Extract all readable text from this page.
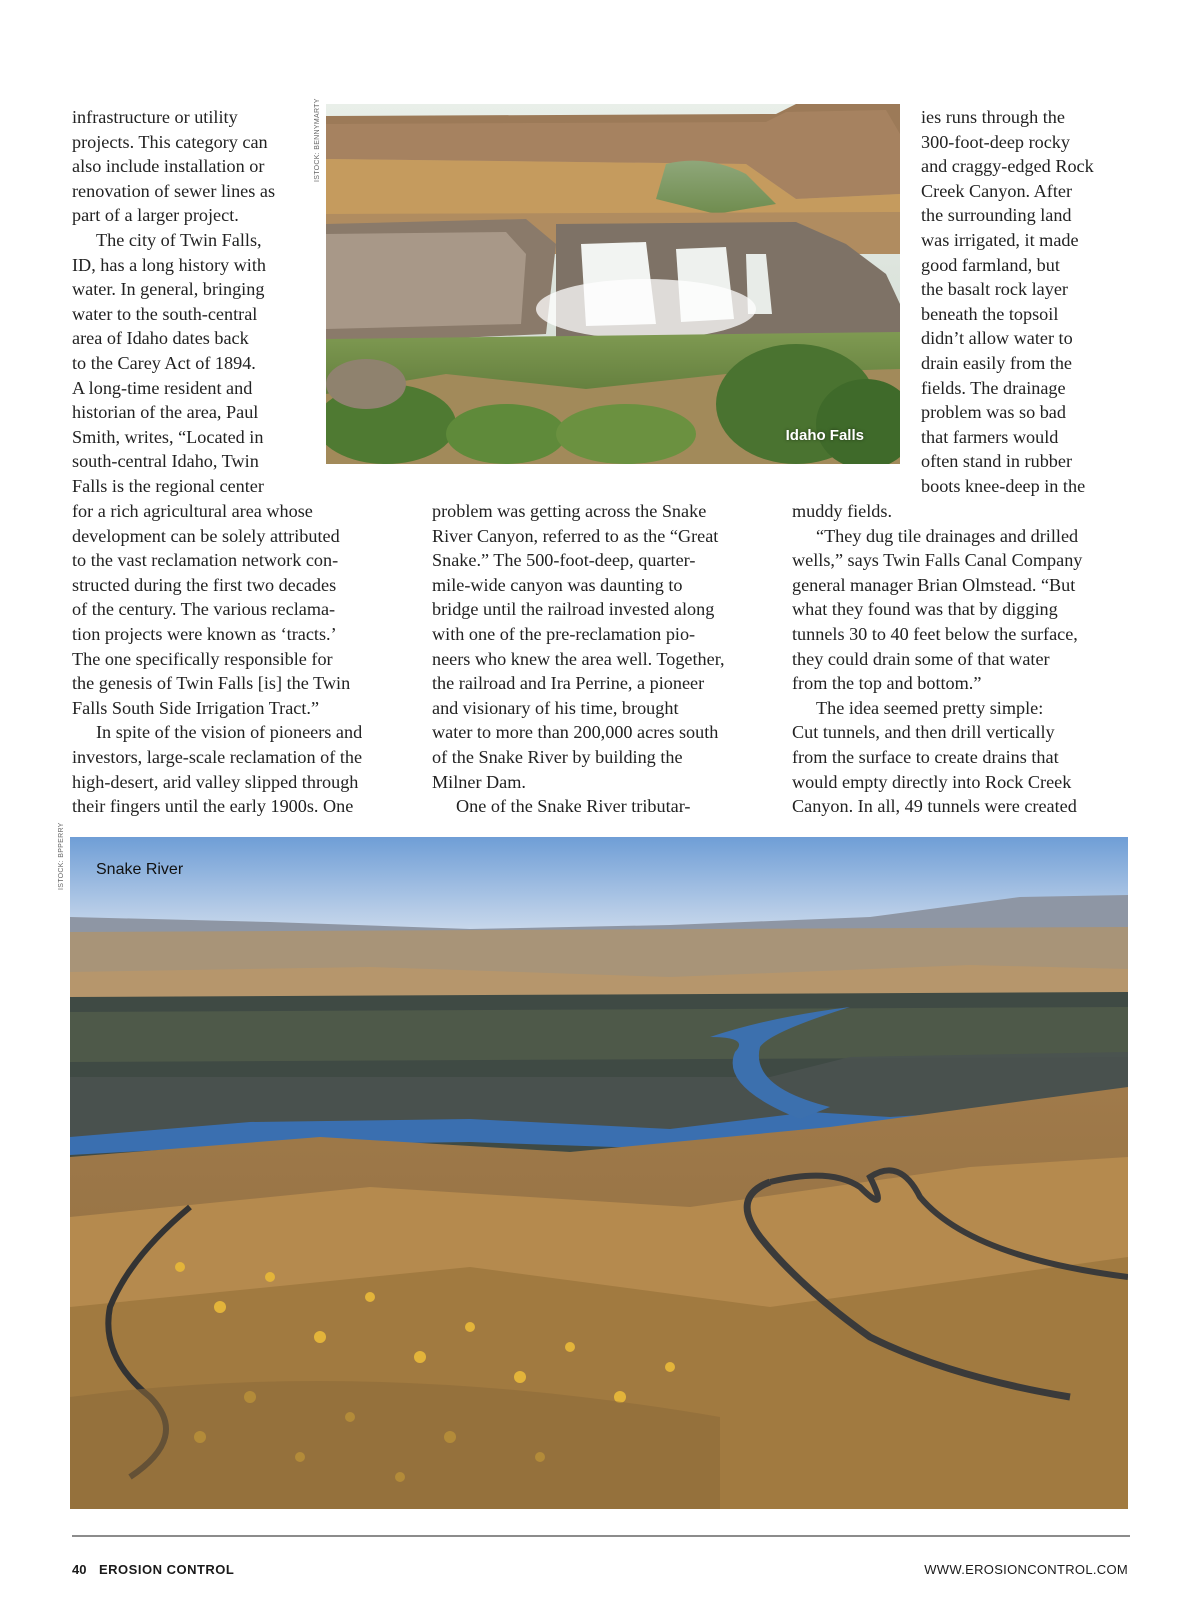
infrastructure or utility
projects. This category can
also include installation or
renovation of sewer lines as
part of a larger project.
The city of Twin Falls,
ID, has a long history with
water. In general, bringing
water to the south-central
area of Idaho dates back
to the Carey Act of 1894.
A long-time resident and
historian of the area, Paul
Smith, writes, “Located in
south-central Idaho, Twin
Falls is the regional center
Idaho Falls
ISTOCK: BENNYMARTY	ies runs through the
300-foot-deep rocky
and craggy-edged Rock
Creek Canyon. After
the surrounding land
was irrigated, it made
good farmland, but
the basalt rock layer
beneath the topsoil
didn’t allow water to
drain easily from the
fields. The drainage
problem was so bad
that farmers would
often stand in rubber
boots knee-deep in the
for a rich agricultural area whose
development can be solely attributed
to the vast reclamation network con-
structed during the first two decades
of the century. The various reclama-
tion projects were known as ‘tracts.’
The one specifically responsible for
the genesis of Twin Falls [is] the Twin
Falls South Side Irrigation Tract.”
In spite of the vision of pioneers and
investors, large-scale reclamation of the
high-desert, arid valley slipped through
their fingers until the early 1900s. One
problem was getting across the Snake
River Canyon, referred to as the “Great
Snake.” The 500-foot-deep, quarter-
mile-wide canyon was daunting to
bridge until the railroad invested along
with one of the pre-reclamation pio-
neers who knew the area well. Together,
the railroad and Ira Perrine, a pioneer
and visionary of his time, brought
water to more than 200,000 acres south
of the Snake River by building the
Milner Dam.
One of the Snake River tributar-
muddy fields.
“They dug tile drainages and drilled
wells,” says Twin Falls Canal Company
general manager Brian Olmstead. “But
what they found was that by digging
tunnels 30 to 40 feet below the surface,
they could drain some of that water
from the top and bottom.”
The idea seemed pretty simple:
Cut tunnels, and then drill vertically
from the surface to create drains that
would empty directly into Rock Creek
Canyon. In all, 49 tunnels were created
Snake River
ISTOCK: BPPERRY
40 EROSION CONTROL	WWW.EROSIONCONTROL.COM
